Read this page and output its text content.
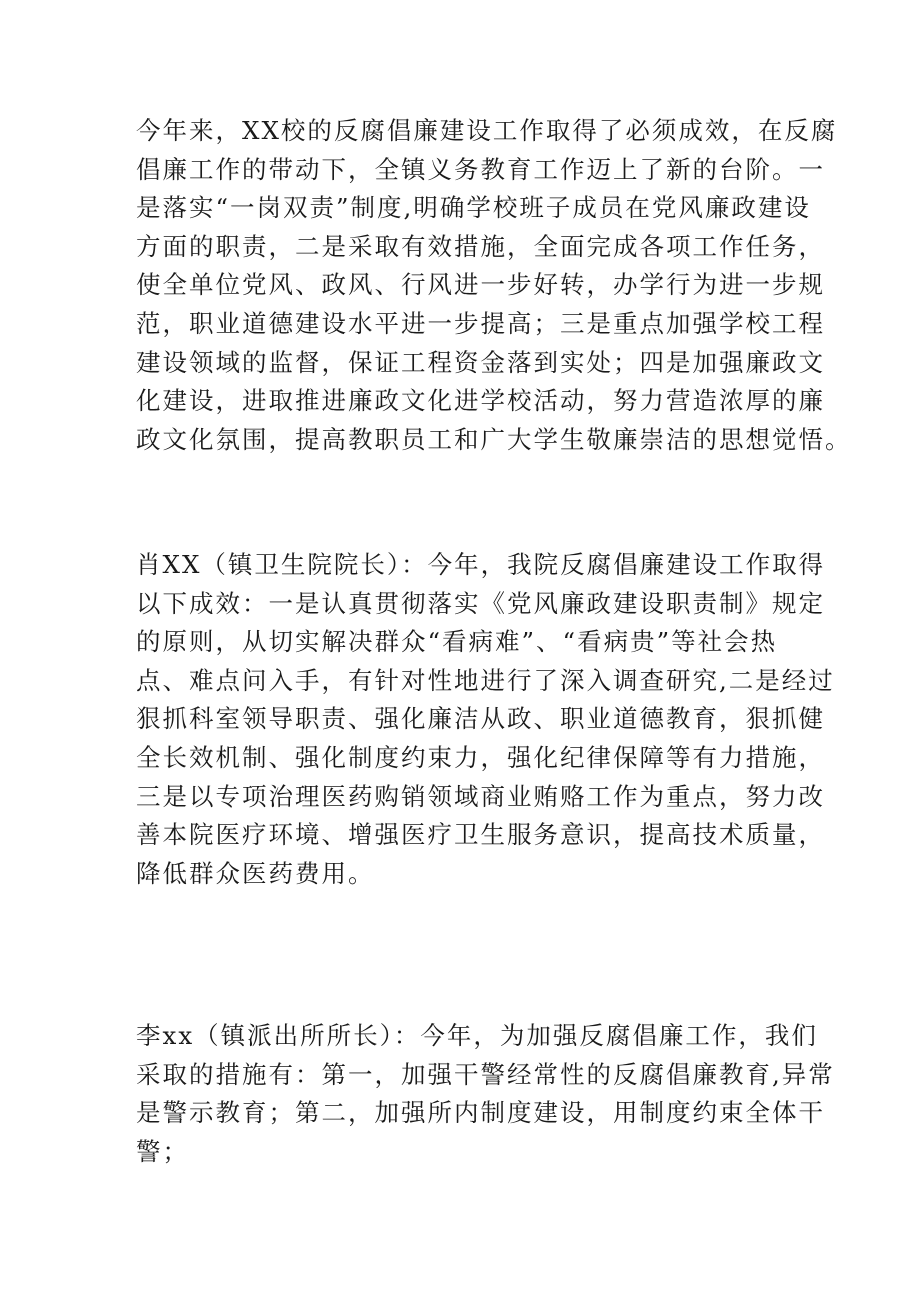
今年来，XX校的反腐倡廉建设工作取得了必须成效，在反腐
倡廉工作的带动下，全镇义务教育工作迈上了新的台阶。一
是落实“一岗双责”制度,明确学校班子成员在党风廉政建设
方面的职责，二是采取有效措施，全面完成各项工作任务，
使全单位党风、政风、行风进一步好转，办学行为进一步规
范，职业道德建设水平进一步提高；三是重点加强学校工程
建设领域的监督，保证工程资金落到实处；四是加强廉政文
化建设，进取推进廉政文化进学校活动，努力营造浓厚的廉
政文化氛围，提高教职员工和广大学生敬廉崇洁的思想觉悟。
肖XX（镇卫生院院长）：今年，我院反腐倡廉建设工作取得
以下成效：一是认真贯彻落实《党风廉政建设职责制》规定
的原则，从切实解决群众“看病难”、“看病贵”等社会热
点、难点问入手，有针对性地进行了深入调查研究,二是经过
狠抓科室领导职责、强化廉洁从政、职业道德教育，狠抓健
全长效机制、强化制度约束力，强化纪律保障等有力措施，
三是以专项治理医药购销领域商业贿赂工作为重点，努力改
善本院医疗环境、增强医疗卫生服务意识，提高技术质量，
降低群众医药费用。
李xx（镇派出所所长）：今年，为加强反腐倡廉工作，我们
采取的措施有：第一，加强干警经常性的反腐倡廉教育,异常
是警示教育；第二，加强所内制度建设，用制度约束全体干
警；
